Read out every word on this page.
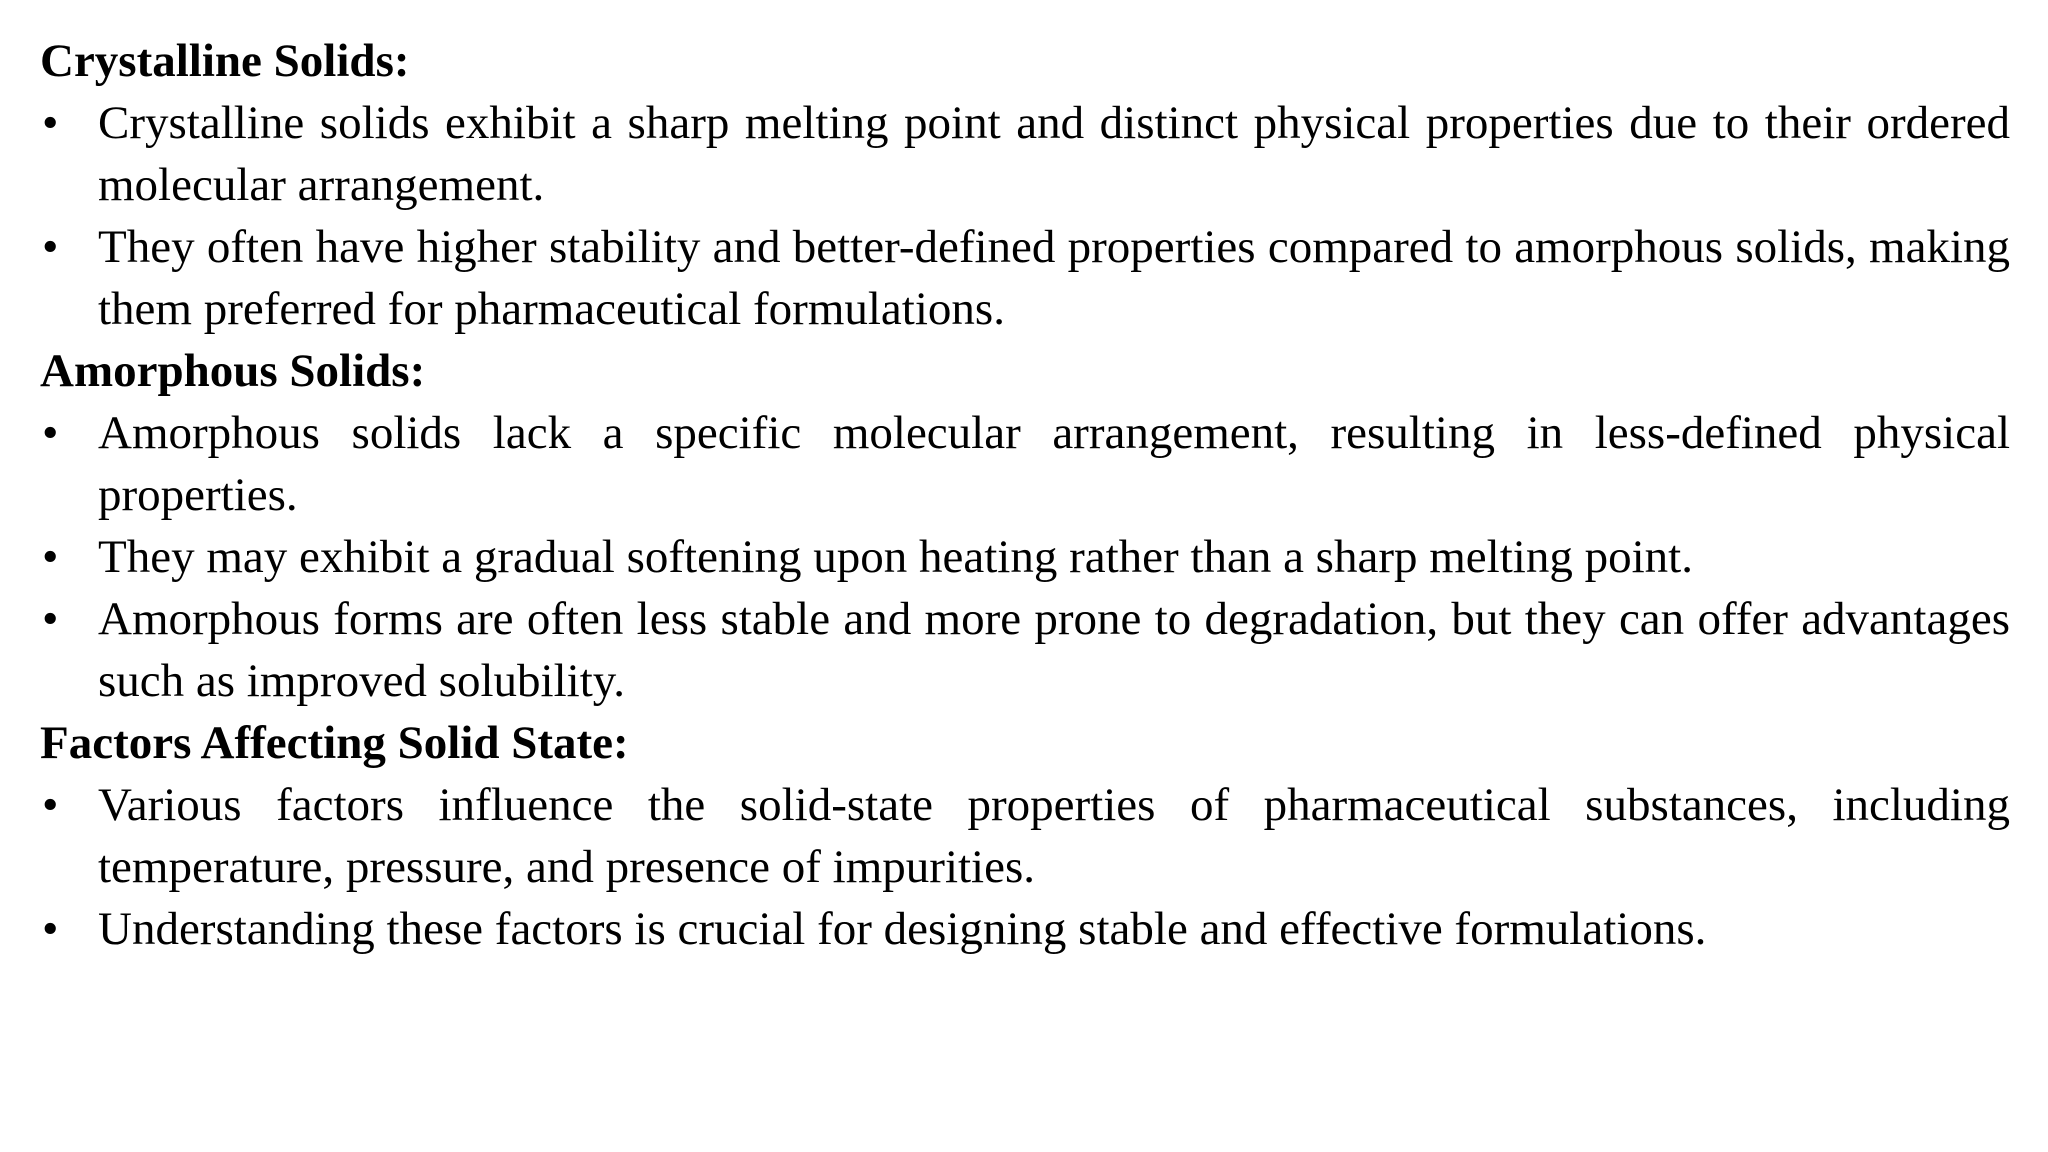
Crystalline Solids:

• Crystalline solids exhibit a sharp melting point and distinct physical properties due to their ordered molecular arrangement.
• They often have higher stability and better-defined properties compared to amorphous solids, making them preferred for pharmaceutical formulations.

Amorphous Solids:

• Amorphous solids lack a specific molecular arrangement, resulting in less-defined physical properties.
• They may exhibit a gradual softening upon heating rather than a sharp melting point.
• Amorphous forms are often less stable and more prone to degradation, but they can offer advantages such as improved solubility.

Factors Affecting Solid State:

• Various factors influence the solid-state properties of pharmaceutical substances, including temperature, pressure, and presence of impurities.
• Understanding these factors is crucial for designing stable and effective formulations.
